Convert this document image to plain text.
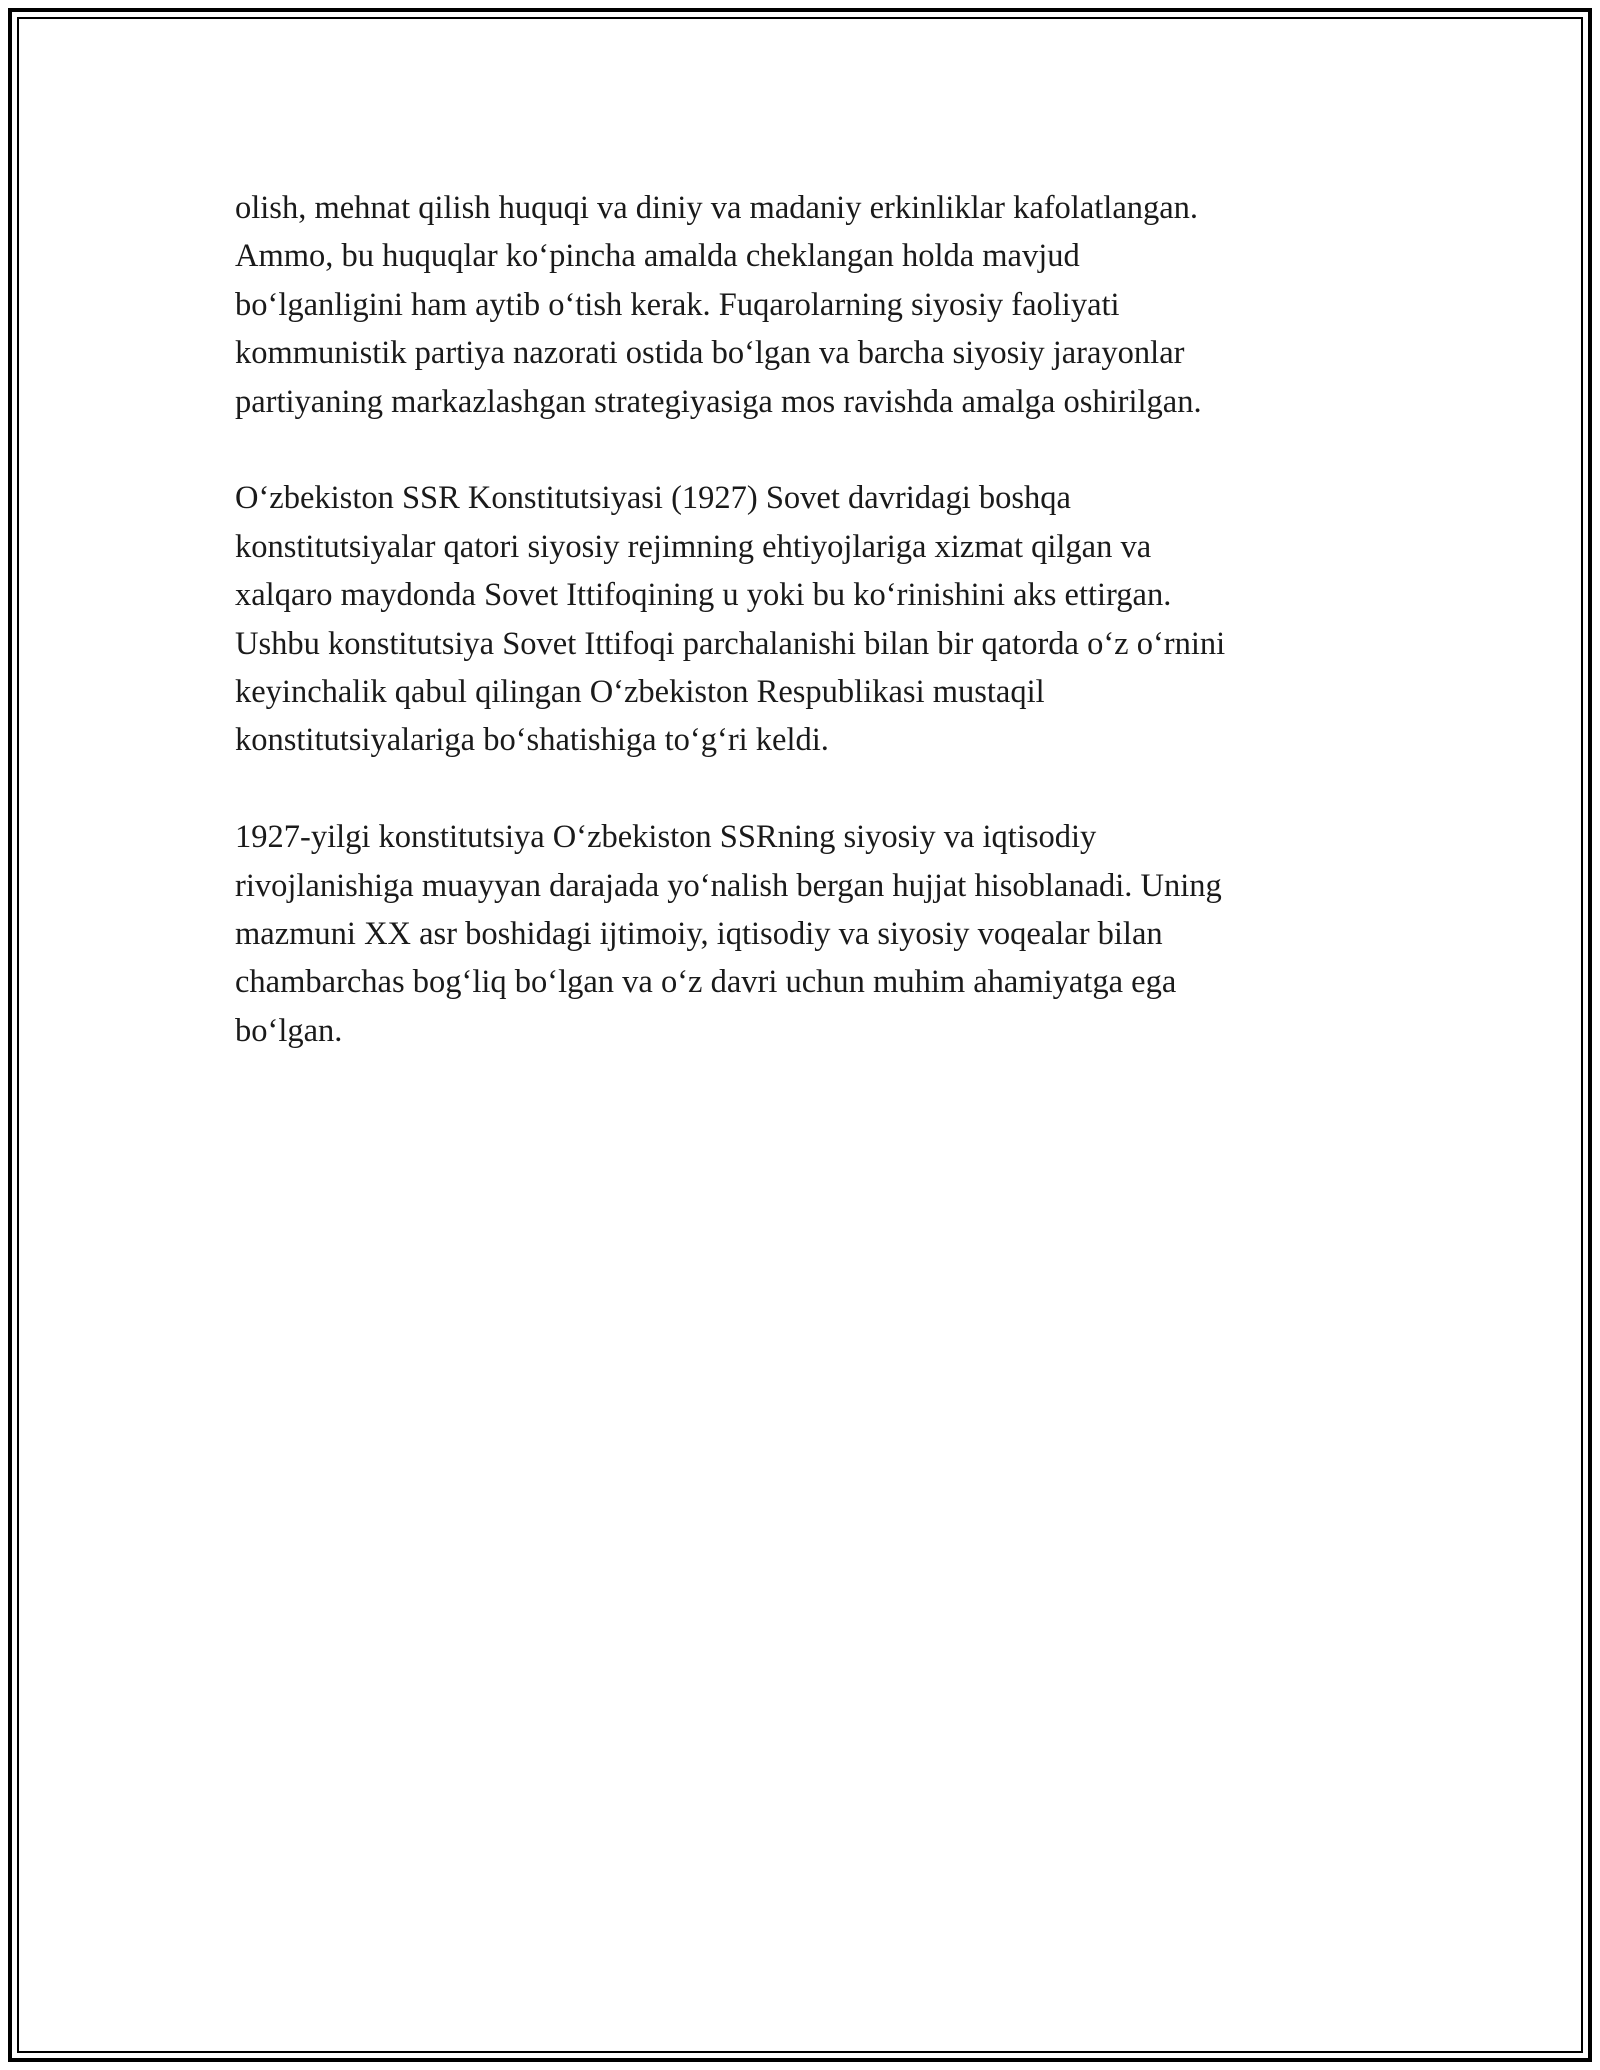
olish, mehnat qilish huquqi va diniy va madaniy erkinliklar kafolatlangan.
Ammo, bu huquqlar koʻpincha amalda cheklangan holda mavjud
boʻlganligini ham aytib oʻtish kerak. Fuqarolarning siyosiy faoliyati
kommunistik partiya nazorati ostida boʻlgan va barcha siyosiy jarayonlar
partiyaning markazlashgan strategiyasiga mos ravishda amalga oshirilgan.

Oʻzbekiston SSR Konstitutsiyasi (1927) Sovet davridagi boshqa
konstitutsiyalar qatori siyosiy rejimning ehtiyojlariga xizmat qilgan va
xalqaro maydonda Sovet Ittifoqining u yoki bu koʻrinishini aks ettirgan.
Ushbu konstitutsiya Sovet Ittifoqi parchalanishi bilan bir qatorda oʻz oʻrnini
keyinchalik qabul qilingan Oʻzbekiston Respublikasi mustaqil
konstitutsiyalariga boʻshatishiga toʻgʻri keldi.

1927-yilgi konstitutsiya Oʻzbekiston SSRning siyosiy va iqtisodiy
rivojlanishiga muayyan darajada yoʻnalish bergan hujjat hisoblanadi. Uning
mazmuni XX asr boshidagi ijtimoiy, iqtisodiy va siyosiy voqealar bilan
chambarchas bogʻliq boʻlgan va oʻz davri uchun muhim ahamiyatga ega
boʻlgan.
